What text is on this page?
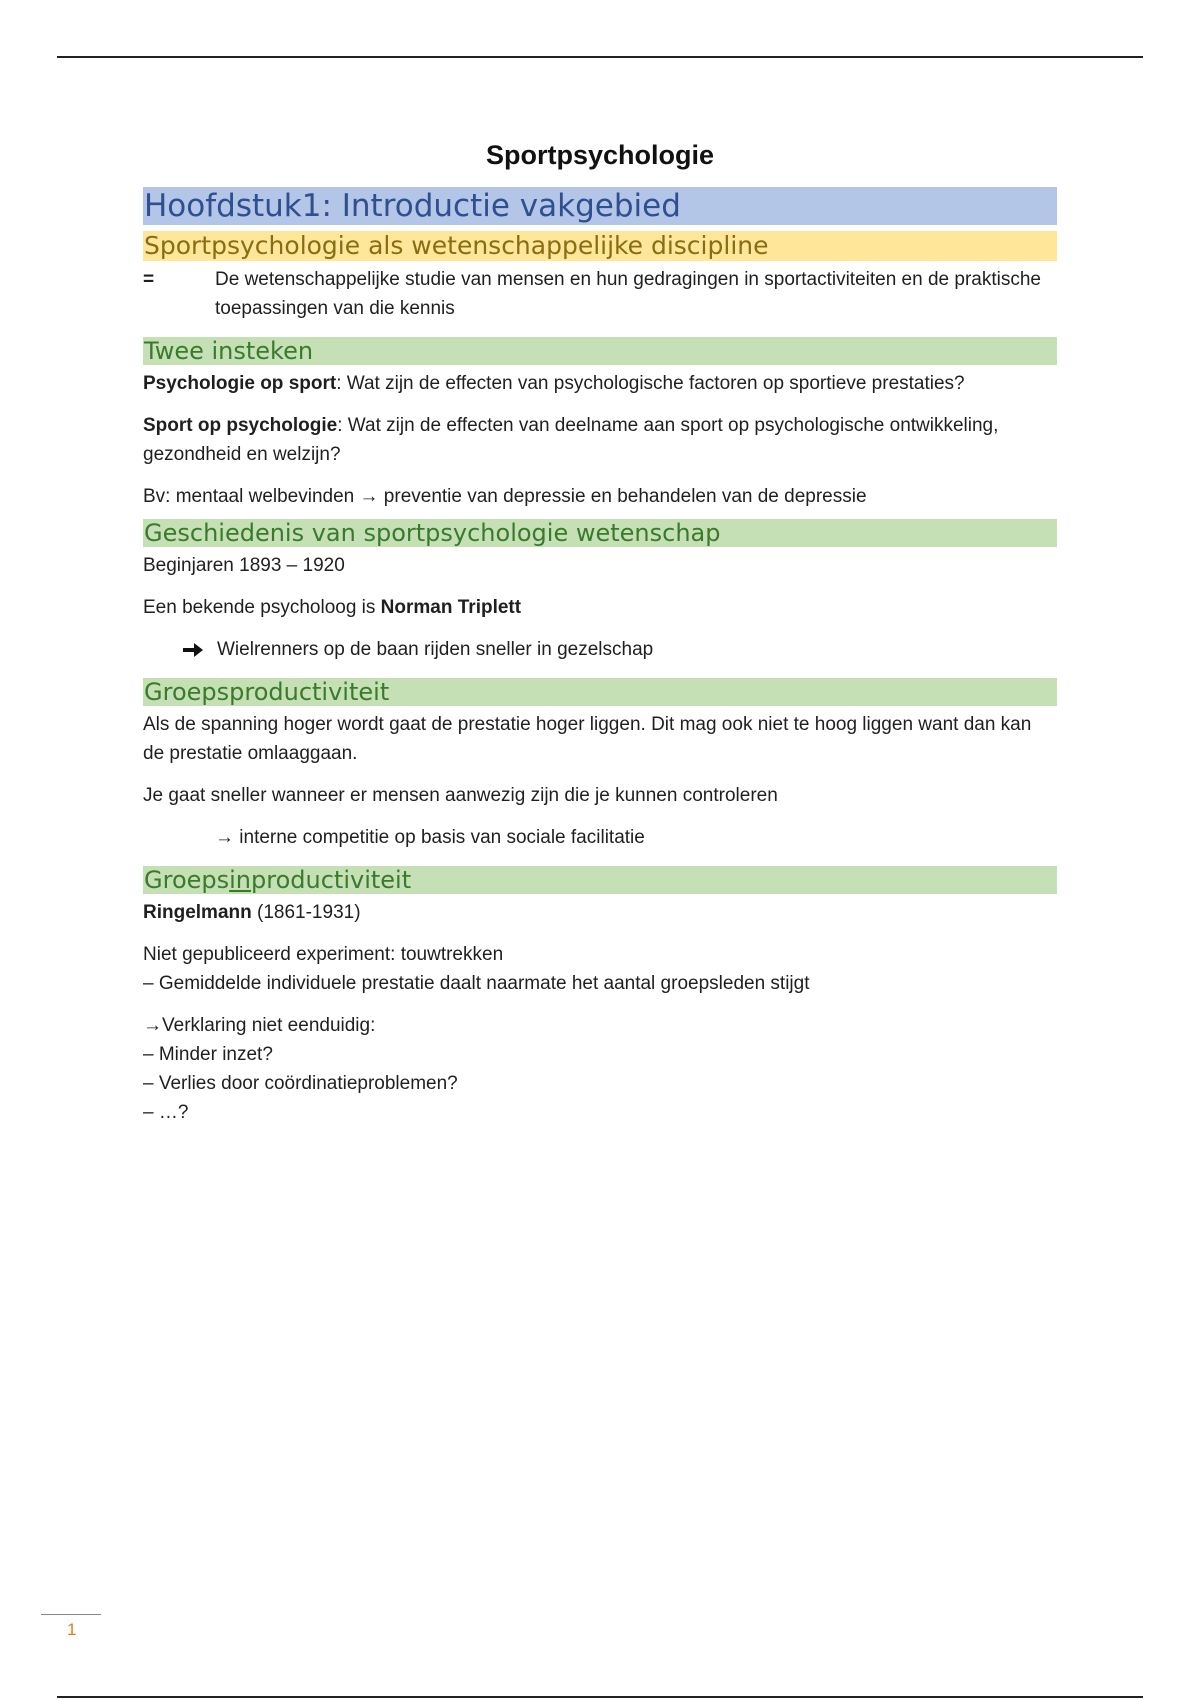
Sportpsychologie
Hoofdstuk1: Introductie vakgebied
Sportpsychologie als wetenschappelijke discipline
=	De wetenschappelijke studie van mensen en hun gedragingen in sportactiviteiten en de praktische toepassingen van die kennis
Twee insteken

Psychologie op sport: Wat zijn de effecten van psychologische factoren op sportieve prestaties?

Sport op psychologie: Wat zijn de effecten van deelname aan sport op psychologische ontwikkeling, gezondheid en welzijn?

Bv: mentaal welbevinden → preventie van depressie en behandelen van de depressie

Geschiedenis van sportpsychologie wetenschap

Beginjaren 1893 – 1920

Een bekende psycholoog is Norman Triplett

Wielrenners op de baan rijden sneller in gezelschap

Groepsproductiviteit

Als de spanning hoger wordt gaat de prestatie hoger liggen. Dit mag ook niet te hoog liggen want dan kan de prestatie omlaaggaan.

Je gaat sneller wanneer er mensen aanwezig zijn die je kunnen controleren

→ interne competitie op basis van sociale facilitatie

Groepsinproductiviteit

Ringelmann (1861-1931)

Niet gepubliceerd experiment: touwtrekken

– Gemiddelde individuele prestatie daalt naarmate het aantal groepsleden stijgt

→Verklaring niet eenduidig:

– Minder inzet?

– Verlies door coördinatieproblemen?

– …?

1
